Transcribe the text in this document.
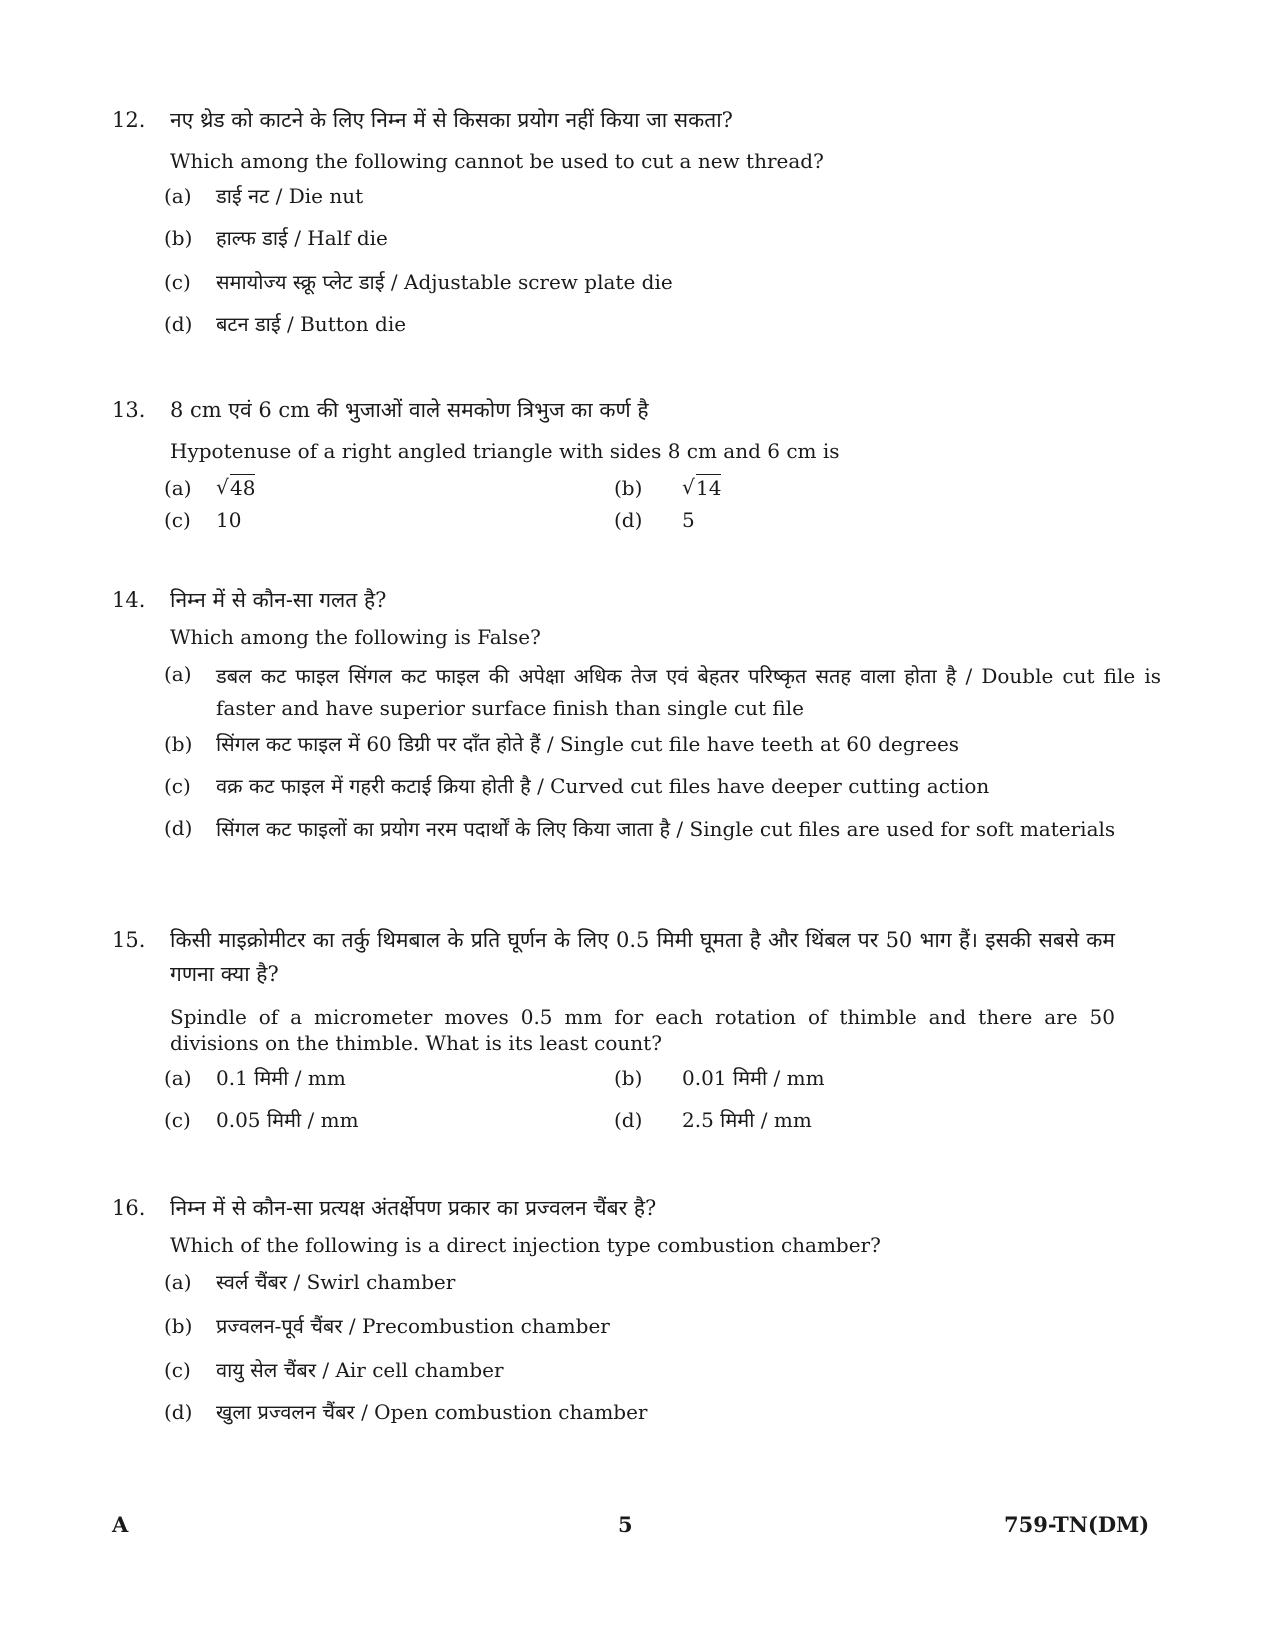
12. नए थ्रेड को काटने के लिए निम्न में से किसका प्रयोग नहीं किया जा सकता?
Which among the following cannot be used to cut a new thread?
(a) डाई नट / Die nut
(b) हाल्फ डाई / Half die
(c) समायोज्य स्क्रू प्लेट डाई / Adjustable screw plate die
(d) बटन डाई / Button die
13. 8 cm एवं 6 cm की भुजाओं वाले समकोण त्रिभुज का कर्ण है
Hypotenuse of a right angled triangle with sides 8 cm and 6 cm is
(a)	√ 48	(b)	√ 14
(c) 10	(d) 5
14. निम्न में से कौन-सा गलत है?
Which among the following is False?
(a) डबल कट फाइल सिंगल कट फाइल की अपेक्षा अधिक तेज एवं बेहतर परिष्कृत सतह वाला होता है / Double cut file is faster and have superior surface finish than single cut file
(b) सिंगल कट फाइल में 60 डिग्री पर दाँत होते हैं / Single cut file have teeth at 60 degrees
(c) वक्र कट फाइल में गहरी कटाई क्रिया होती है / Curved cut files have deeper cutting action
(d) सिंगल कट फाइलों का प्रयोग नरम पदार्थों के लिए किया जाता है / Single cut files are used for soft materials
15. किसी माइक्रोमीटर का तर्कु थिमबाल के प्रति घूर्णन के लिए 0.5 मिमी घूमता है और थिंबल पर 50 भाग हैं। इसकी सबसे कम गणना क्या है?
Spindle of a micrometer moves 0.5 mm for each rotation of thimble and there are 50 divisions on the thimble. What is its least count?
(a) 0.1 मिमी / mm	(b) 0.01 मिमी / mm
(c) 0.05 मिमी / mm	(d) 2.5 मिमी / mm
16. निम्न में से कौन-सा प्रत्यक्ष अंतर्क्षेपण प्रकार का प्रज्वलन चैंबर है?
Which of the following is a direct injection type combustion chamber?
(a) स्वर्ल चैंबर / Swirl chamber
(b) प्रज्वलन-पूर्व चैंबर / Precombustion chamber
(c) वायु सेल चैंबर / Air cell chamber
(d) खुला प्रज्वलन चैंबर / Open combustion chamber
A	5	759-TN(DM)
